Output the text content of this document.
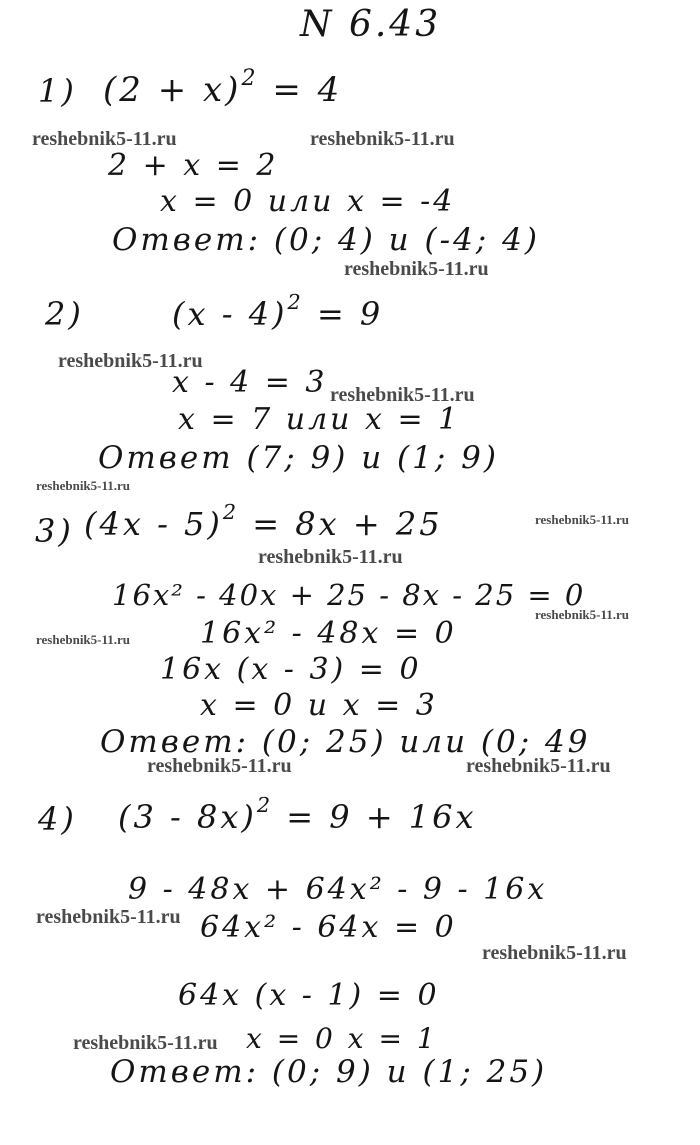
N 6.43
1) $(2 + x)^2 = 4$
2 + x = 2
x = 0 или x = -4
Ответ: (0; 4) и (-4; 4)
2)	(x - 4)$^2$ = 9
x - 4 = 3
x = 7 или x = 1
Ответ (7; 9) и (1; 9)
3) (4x - 5)$^2$ = 8x + 25
16x² - 40x + 25 - 8x - 25 = 0
16x² - 48x = 0
16x (x - 3) = 0
x = 0 и x = 3
Ответ: (0; 25) или (0; 49
4) (3 - 8x)$^2$ = 9 + 16x
9 - 48x + 64x² - 9 - 16x
64x² - 64x = 0
64x (x - 1) = 0
x = 0 x = 1
Ответ: (0; 9) и (1; 25)
reshebnik5-11.ru	reshebnik5-11.ru
reshebnik5-11.ru
reshebnik5-11.ru
reshebnik5-11.ru
reshebnik5-11.ru
reshebnik5-11.ru
reshebnik5-11.ru
reshebnik5-11.ru
reshebnik5-11.ru
reshebnik5-11.ru	reshebnik5-11.ru
reshebnik5-11.ru
reshebnik5-11.ru
reshebnik5-11.ru
